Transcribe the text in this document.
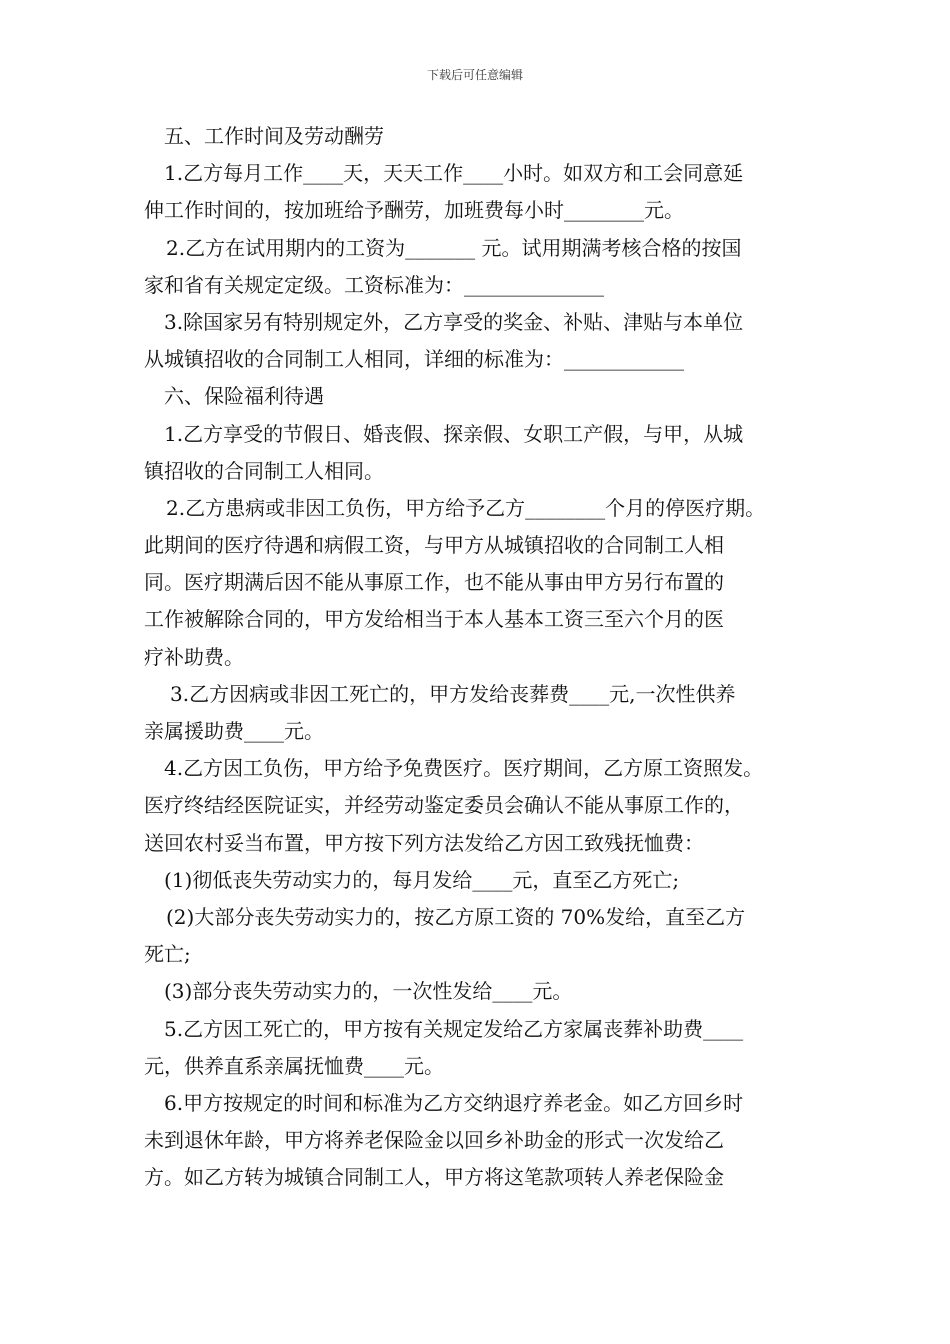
下载后可任意编辑
五、工作时间及劳动酬劳
1.乙方每月工作____天，天天工作____小时。如双方和工会同意延
伸工作时间的，按加班给予酬劳，加班费每小时________元。
2.乙方在试用期内的工资为_______ 元。试用期满考核合格的按国
家和省有关规定定级。工资标准为：______________
3.除国家另有特别规定外，乙方享受的奖金、补贴、津贴与本单位
从城镇招收的合同制工人相同，详细的标准为：____________
六、保险福利待遇
1.乙方享受的节假日、婚丧假、探亲假、女职工产假，与甲，从城
镇招收的合同制工人相同。
2.乙方患病或非因工负伤，甲方给予乙方________个月的停医疗期。
此期间的医疗待遇和病假工资，与甲方从城镇招收的合同制工人相
同。医疗期满后因不能从事原工作，也不能从事由甲方另行布置的
工作被解除合同的，甲方发给相当于本人基本工资三至六个月的医
疗补助费。
3.乙方因病或非因工死亡的，甲方发给丧葬费____元,一次性供养
亲属援助费____元。
4.乙方因工负伤，甲方给予免费医疗。医疗期间，乙方原工资照发。
医疗终结经医院证实，并经劳动鉴定委员会确认不能从事原工作的，
送回农村妥当布置，甲方按下列方法发给乙方因工致残抚恤费：
(1)彻低丧失劳动实力的，每月发给____元，直至乙方死亡;
(2)大部分丧失劳动实力的，按乙方原工资的 70%发给，直至乙方
死亡;
(3)部分丧失劳动实力的，一次性发给____元。
5.乙方因工死亡的，甲方按有关规定发给乙方家属丧葬补助费____
元，供养直系亲属抚恤费____元。
6.甲方按规定的时间和标准为乙方交纳退疗养老金。如乙方回乡时
未到退休年龄，甲方将养老保险金以回乡补助金的形式一次发给乙
方。如乙方转为城镇合同制工人，甲方将这笔款项转人养老保险金
